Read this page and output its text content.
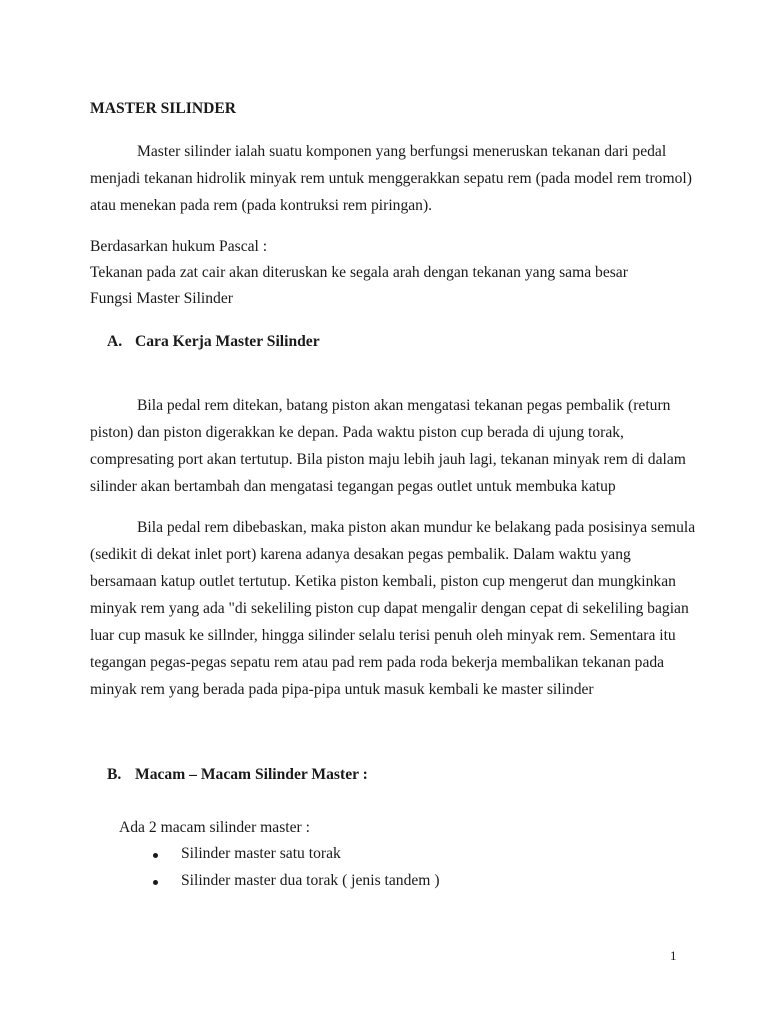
MASTER SILINDER
Master silinder ialah suatu komponen yang berfungsi meneruskan tekanan dari pedal
menjadi tekanan hidrolik minyak rem untuk menggerakkan sepatu rem (pada model rem tromol)
atau menekan pada rem (pada kontruksi rem piringan).
Berdasarkan hukum Pascal :
Tekanan pada zat cair akan diteruskan ke segala arah dengan tekanan yang sama besar
Fungsi Master Silinder
A. Cara Kerja Master Silinder
Bila pedal rem ditekan, batang piston akan mengatasi tekanan pegas pembalik (return
piston) dan piston digerakkan ke depan. Pada waktu piston cup berada di ujung torak,
compresating port akan tertutup. Bila piston maju lebih jauh lagi, tekanan minyak rem di dalam
silinder akan bertambah dan mengatasi tegangan pegas outlet untuk membuka katup
Bila pedal rem dibebaskan, maka piston akan mundur ke belakang pada posisinya semula
(sedikit di dekat inlet port) karena adanya desakan pegas pembalik. Dalam waktu yang
bersamaan katup outlet tertutup. Ketika piston kembali, piston cup mengerut dan mungkinkan
minyak rem yang ada "di sekeliling piston cup dapat mengalir dengan cepat di sekeliling bagian
luar cup masuk ke sillnder, hingga silinder selalu terisi penuh oleh minyak rem. Sementara itu
tegangan pegas-pegas sepatu rem atau pad rem pada roda bekerja membalikan tekanan pada
minyak rem yang berada pada pipa-pipa untuk masuk kembali ke master silinder
B. Macam – Macam Silinder Master :
Ada 2 macam silinder master :
Silinder master satu torak
Silinder master dua torak ( jenis tandem )
1
